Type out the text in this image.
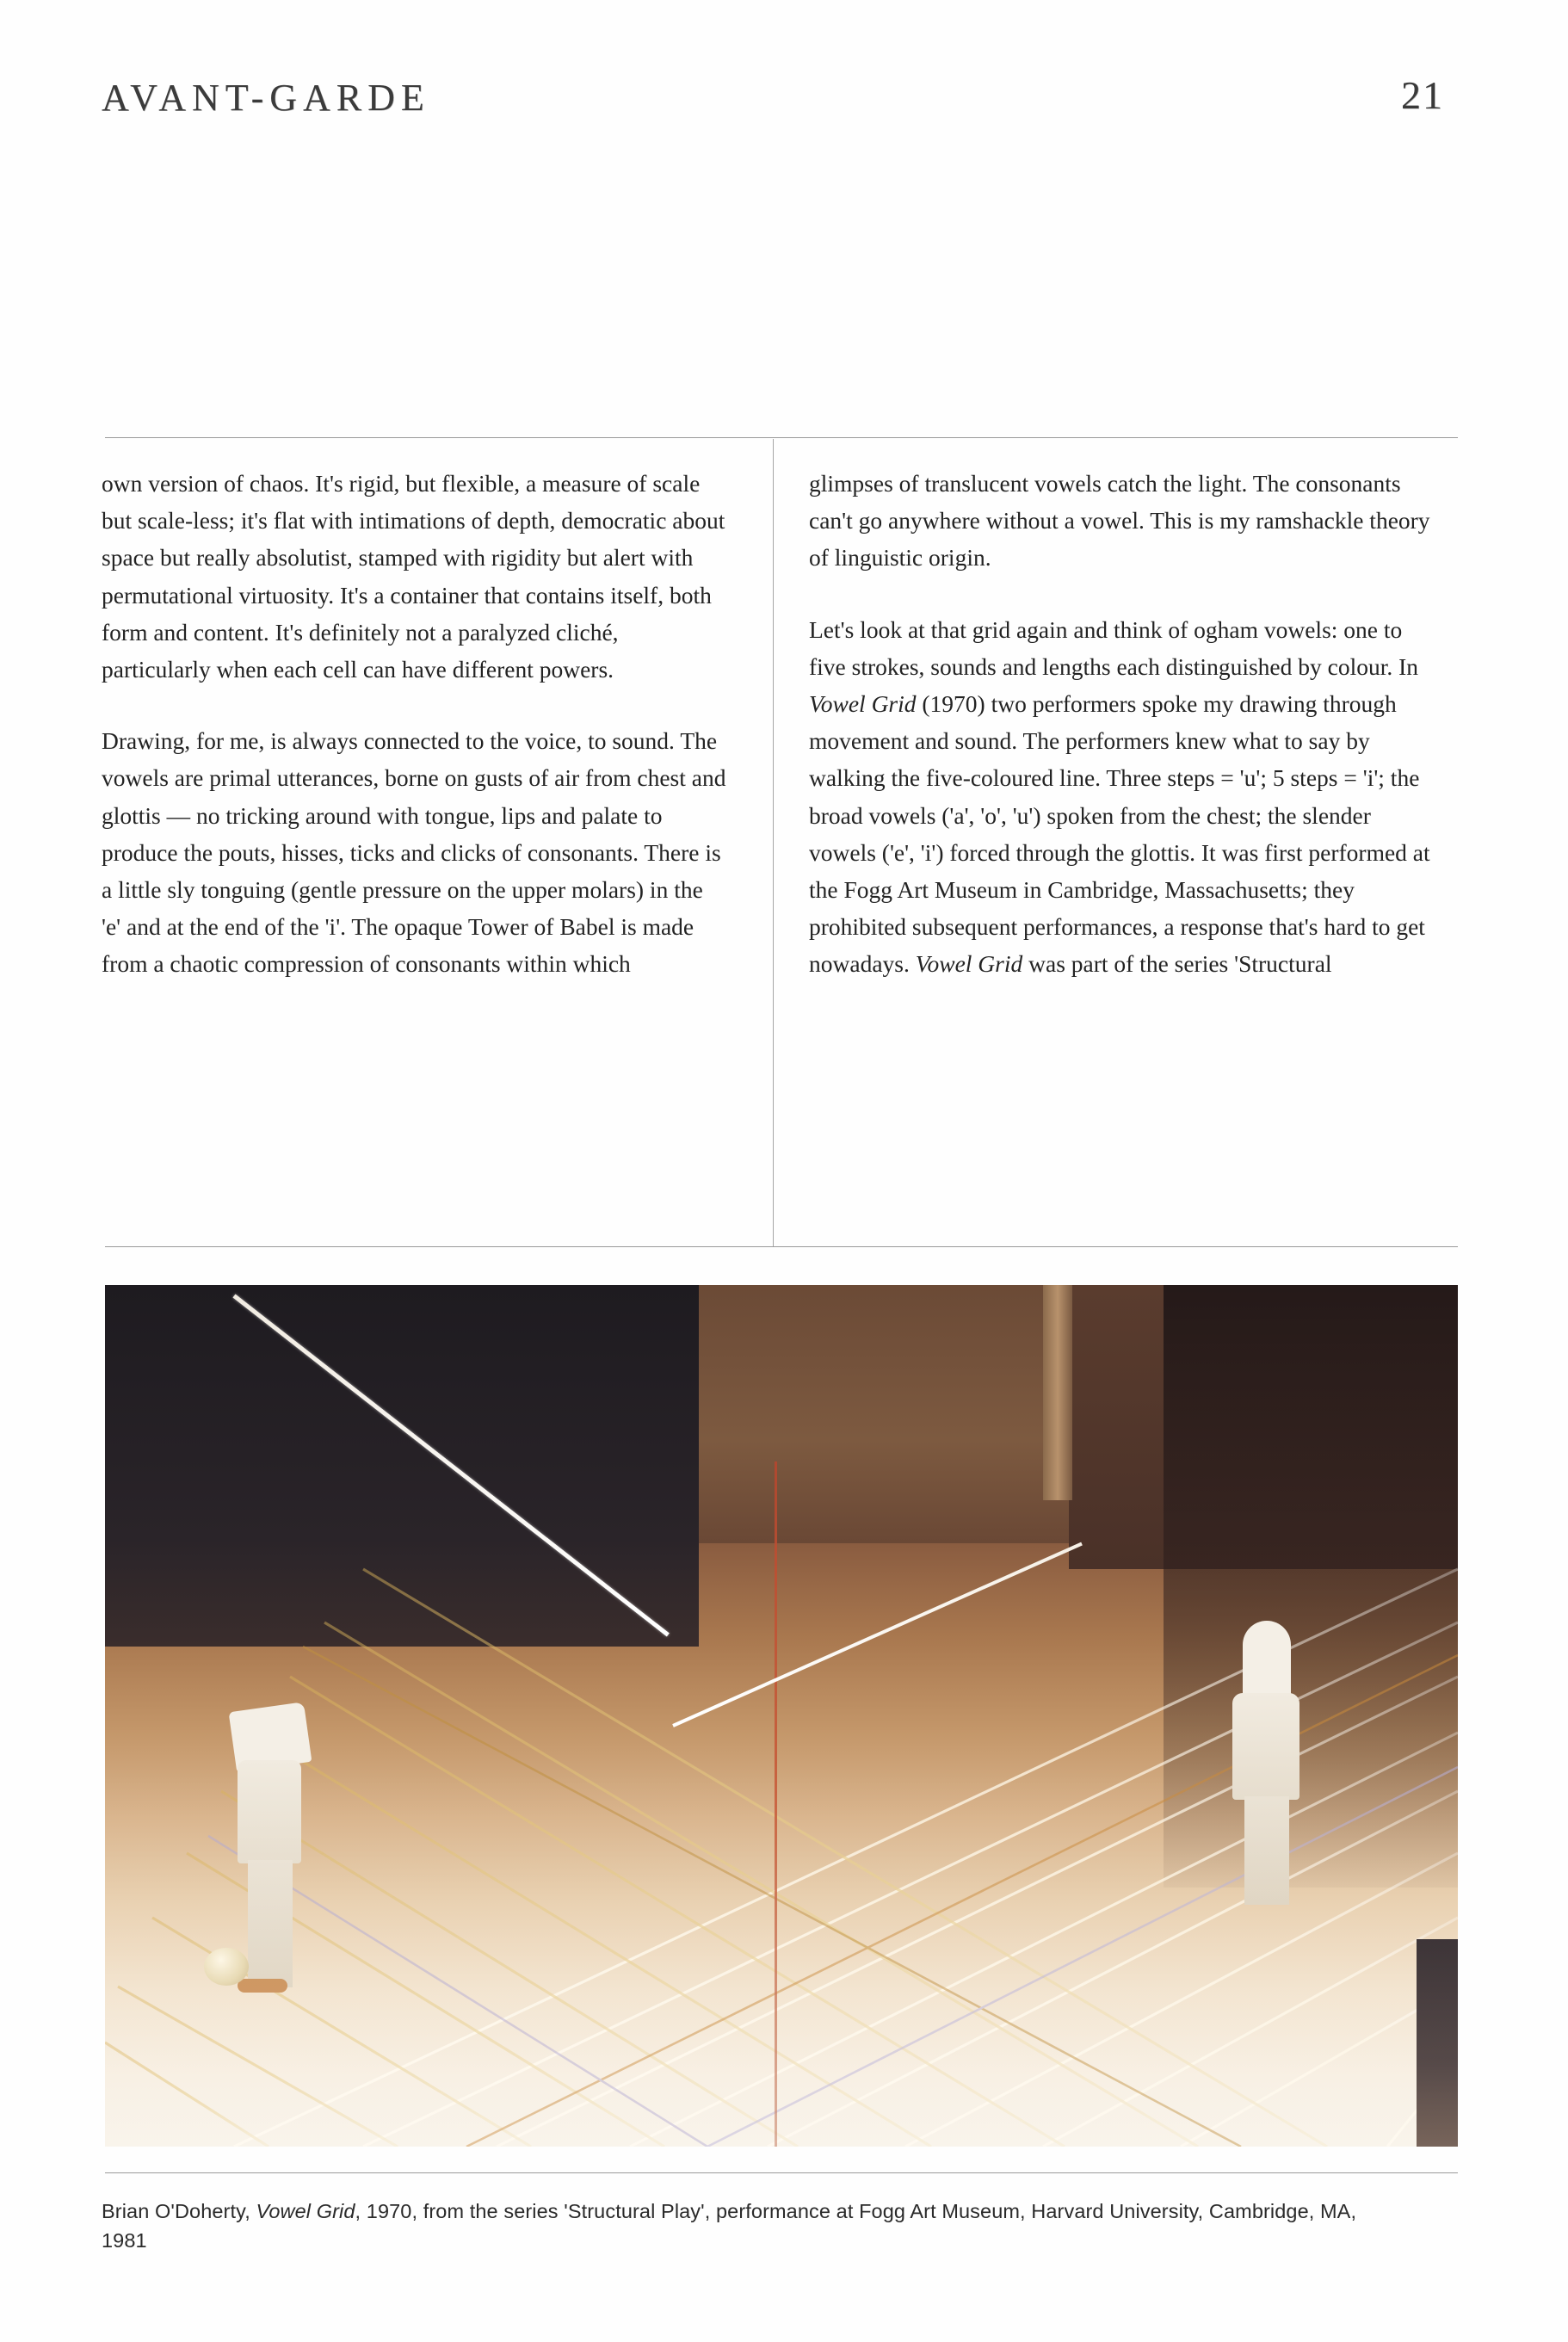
AVANT-GARDE	21

own version of chaos. It's rigid, but flexible, a measure of scale but scale-less; it's flat with intimations of depth, democratic about space but really absolutist, stamped with rigidity but alert with permutational virtuosity. It's a container that contains itself, both form and content. It's definitely not a paralyzed cliché, particularly when each cell can have different powers.

Drawing, for me, is always connected to the voice, to sound. The vowels are primal utterances, borne on gusts of air from chest and glottis — no tricking around with tongue, lips and palate to produce the pouts, hisses, ticks and clicks of consonants. There is a little sly tonguing (gentle pressure on the upper molars) in the 'e' and at the end of the 'i'. The opaque Tower of Babel is made from a chaotic compression of consonants within which

glimpses of translucent vowels catch the light. The consonants can't go anywhere without a vowel. This is my ramshackle theory of linguistic origin.

Let's look at that grid again and think of ogham vowels: one to five strokes, sounds and lengths each distinguished by colour. In Vowel Grid (1970) two performers spoke my drawing through movement and sound. The performers knew what to say by walking the five-coloured line. Three steps = 'u'; 5 steps = 'i'; the broad vowels ('a', 'o', 'u') spoken from the chest; the slender vowels ('e', 'i') forced through the glottis. It was first performed at the Fogg Art Museum in Cambridge, Massachusetts; they prohibited subsequent performances, a response that's hard to get nowadays. Vowel Grid was part of the series 'Structural

Brian O'Doherty, Vowel Grid, 1970, from the series 'Structural Play', performance at Fogg Art Museum, Harvard University, Cambridge, MA, 1981
